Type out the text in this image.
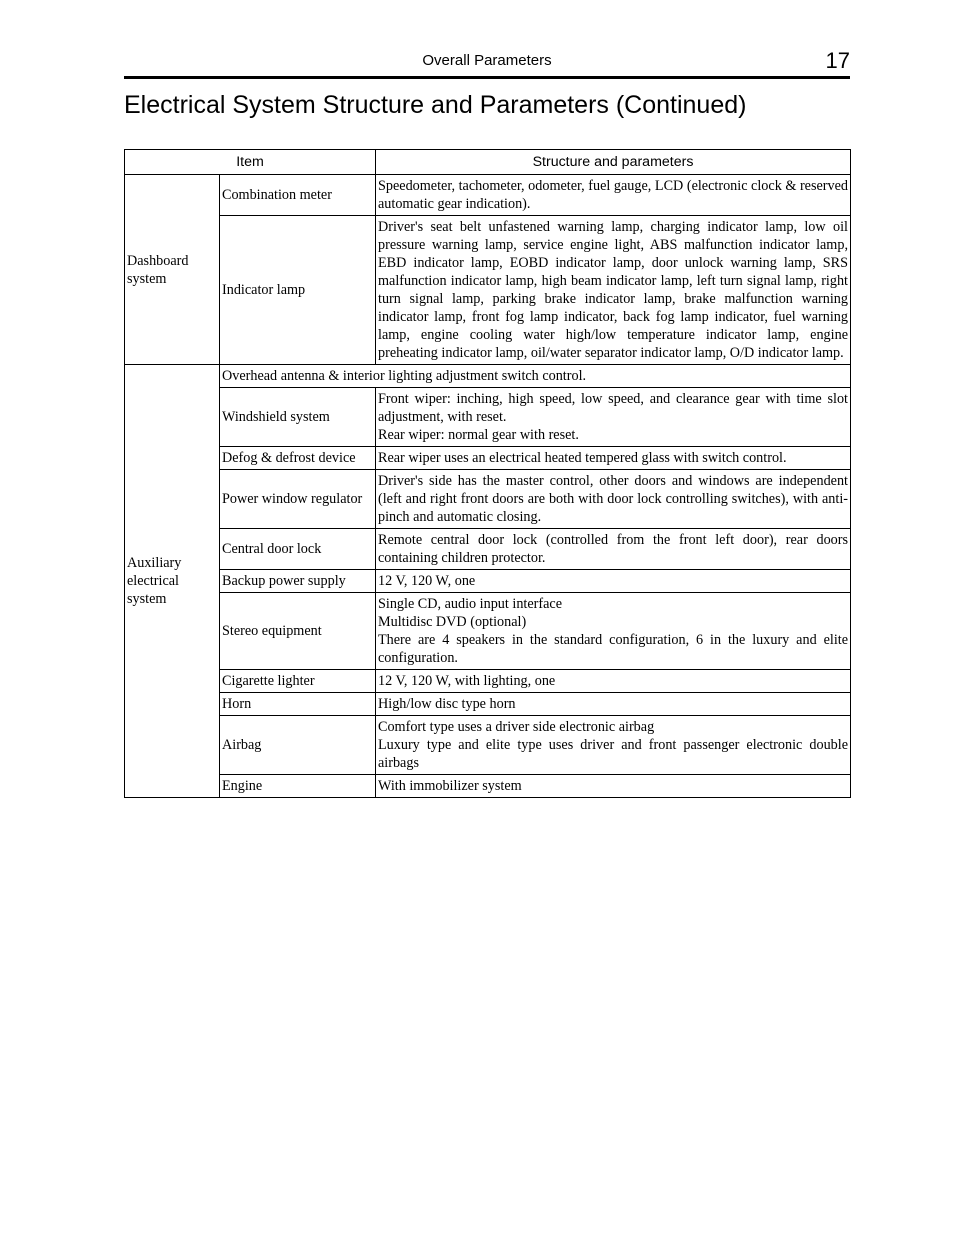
Overall Parameters	17
Electrical System Structure and Parameters (Continued)
Item		Structure and parameters
Dashboard system	Combination meter	Speedometer, tachometer, odometer, fuel gauge, LCD (electronic clock & reserved automatic gear indication).

	Indicator lamp	Driver's seat belt unfastened warning lamp, charging indicator lamp, low oil pressure warning lamp, service engine light, ABS malfunction indicator lamp, EBD indicator lamp, EOBD indicator lamp, door unlock warning lamp, SRS malfunction indicator lamp, high beam indicator lamp, left turn signal lamp, right turn signal lamp, parking brake indicator lamp, brake malfunction warning indicator lamp, front fog lamp indicator, back fog lamp indicator, fuel warning lamp, engine cooling water high/low temperature indicator lamp, engine preheating indicator lamp, oil/water separator indicator lamp, O/D indicator lamp.

Auxiliary electrical system	Overhead antenna & interior lighting adjustment switch control.	
	Windshield system	Front wiper: inching, high speed, low speed, and clearance gear with time slot adjustment, with reset.
Rear wiper: normal gear with reset.

	Defog & defrost device	Rear wiper uses an electrical heated tempered glass with switch control.

	Power window regulator	Driver's side has the master control, other doors and windows are independent (left and right front doors are both with door lock controlling switches), with anti-pinch and automatic closing.

	Central door lock	Remote central door lock (controlled from the front left door), rear doors containing children protector.

	Backup power supply	12 V, 120 W, one

	Stereo equipment	Single CD, audio input interface
Multidisc DVD (optional)
There are 4 speakers in the standard configuration, 6 in the luxury and elite configuration.

	Cigarette lighter	12 V, 120 W, with lighting, one

	Horn	High/low disc type horn

	Airbag	Comfort type uses a driver side electronic airbag
Luxury type and elite type uses driver and front passenger electronic double airbags

	Engine	With immobilizer system
